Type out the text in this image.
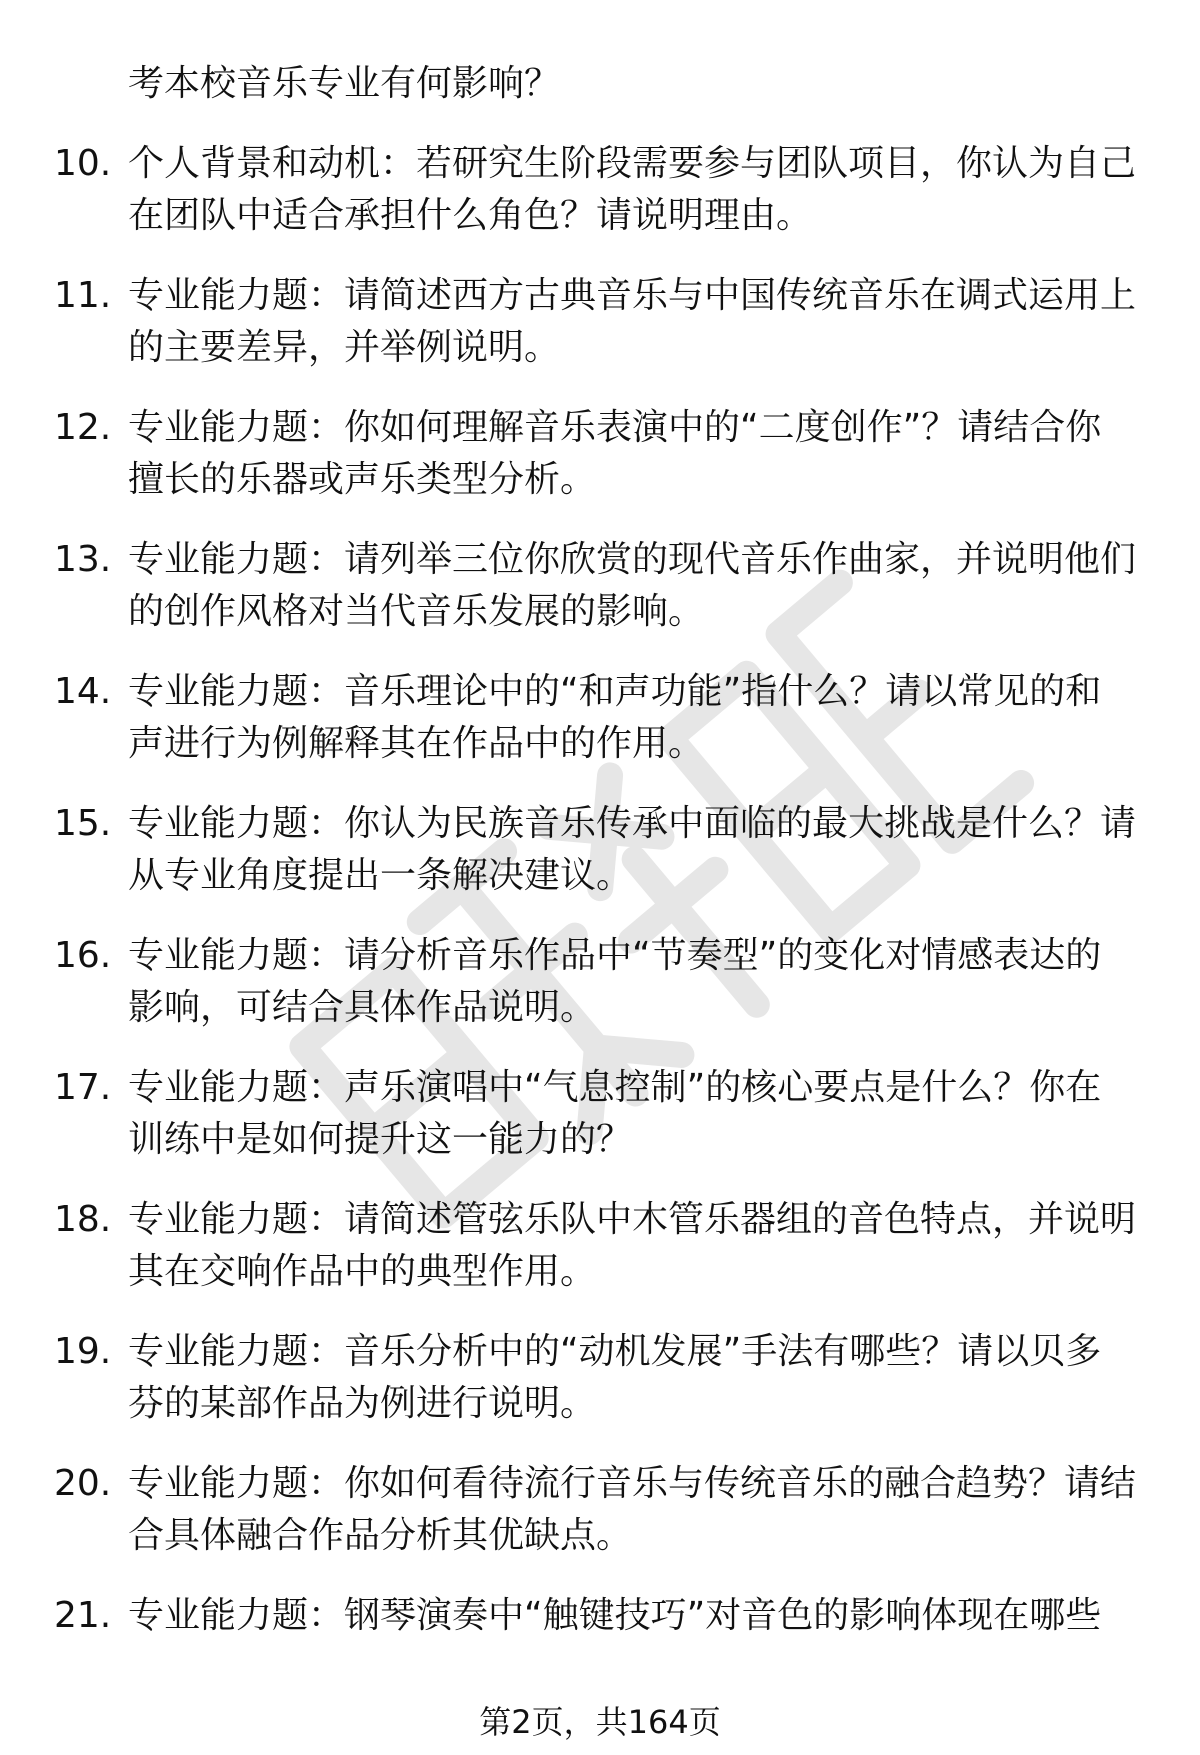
考本校音乐专业有何影响？
10. 个人背景和动机：若研究生阶段需要参与团队项目，你认为自己
在团队中适合承担什么角色？请说明理由。
11. 专业能力题：请简述西方古典音乐与中国传统音乐在调式运用上
的主要差异，并举例说明。
12. 专业能力题：你如何理解音乐表演中的“二度创作”？请结合你
擅长的乐器或声乐类型分析。
13. 专业能力题：请列举三位你欣赏的现代音乐作曲家，并说明他们
的创作风格对当代音乐发展的影响。
14. 专业能力题：音乐理论中的“和声功能”指什么？请以常见的和
声进行为例解释其在作品中的作用。
15. 专业能力题：你认为民族音乐传承中面临的最大挑战是什么？请
从专业角度提出一条解决建议。
16. 专业能力题：请分析音乐作品中“节奏型”的变化对情感表达的
影响，可结合具体作品说明。
17. 专业能力题：声乐演唱中“气息控制”的核心要点是什么？你在
训练中是如何提升这一能力的？
18. 专业能力题：请简述管弦乐队中木管乐器组的音色特点，并说明
其在交响作品中的典型作用。
19. 专业能力题：音乐分析中的“动机发展”手法有哪些？请以贝多
芬的某部作品为例进行说明。
20. 专业能力题：你如何看待流行音乐与传统音乐的融合趋势？请结
合具体融合作品分析其优缺点。
21. 专业能力题：钢琴演奏中“触键技巧”对音色的影响体现在哪些
第2页，共164页
